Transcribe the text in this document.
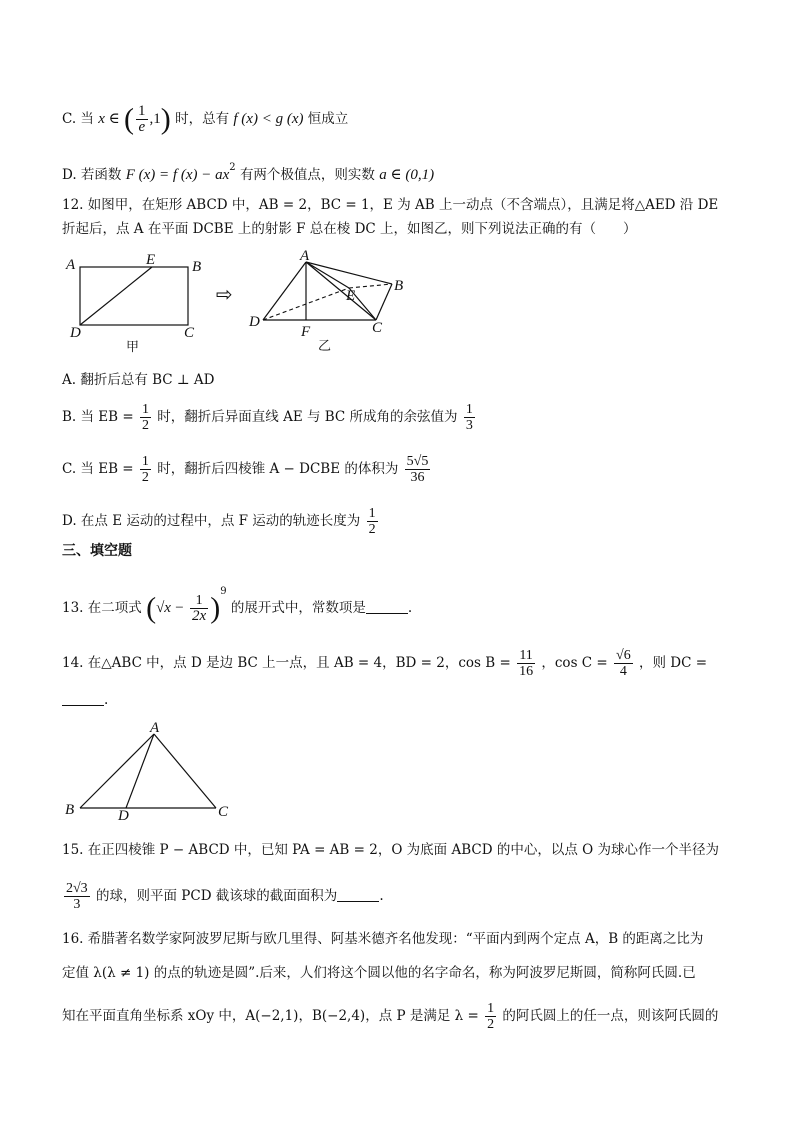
C. 当 x ∈ ( $\frac{1}{e} ,1$) 时，总有 f (x) < g (x) 恒成立
D. 若函数 F (x) = f $(x) - ax^2$ 有两个极值点，则实数 a ∈ (0,1)
12. 如图甲，在矩形 ABCD 中，AB = 2，BC = 1，E 为 AB 上一动点（不含端点），且满足将△AED 沿 DE
折起后，点 A 在平面 DCBE 上的射影 F 总在棱 DC 上，如图乙，则下列说法正确的有（　　）
A	E B
D	C
甲
⇨
A
B
E
D
F	C
乙
A. 翻折后总有 BC ⊥ AD
B. 当 EB = $\frac{1}{2}$ 时，翻折后异面直线 AE 与 BC 所成角的余弦值为 $\frac{1}{3}$
C. 当 EB = $\frac{1}{2}$ 时，翻折后四棱锥 A − DCBE 的体积为 $\frac{5√5}{36}$
D. 在点 E 运动的过程中，点 F 运动的轨迹长度为 $\frac{1}{2}$
三、填空题
13. 在二项式 $(√x - \frac{1}{2x} )^9$ 的展开式中，常数项是	.
14. 在△ABC 中，点 D 是边 BC 上一点，且 AB = 4，BD = 2，$\cos B = \frac{11}{16}$ ，$\cos C = \frac{√6}{4}$ ，则 DC =
.
A
B	D	C
15. 在正四棱锥 P − ABCD 中，已知 PA = AB = 2，O 为底面 ABCD 的中心，以点 O 为球心作一个半径为
$\frac{2√3}{3}$ 的球，则平面 PCD 截该球的截面面积为	.
16. 希腊著名数学家阿波罗尼斯与欧几里得、阿基米德齐名他发现：“平面内到两个定点 A，B 的距离之比为
定值 λ(λ ≠ 1) 的点的轨迹是圆”.后来，人们将这个圆以他的名字命名，称为阿波罗尼斯圆，简称阿氏圆.已
知在平面直角坐标系 xOy 中，A(−2,1)，B(−2,4)，点 P 是满足 $\lambda = \frac{1}{2}$ 的阿氏圆上的任一点，则该阿氏圆的
